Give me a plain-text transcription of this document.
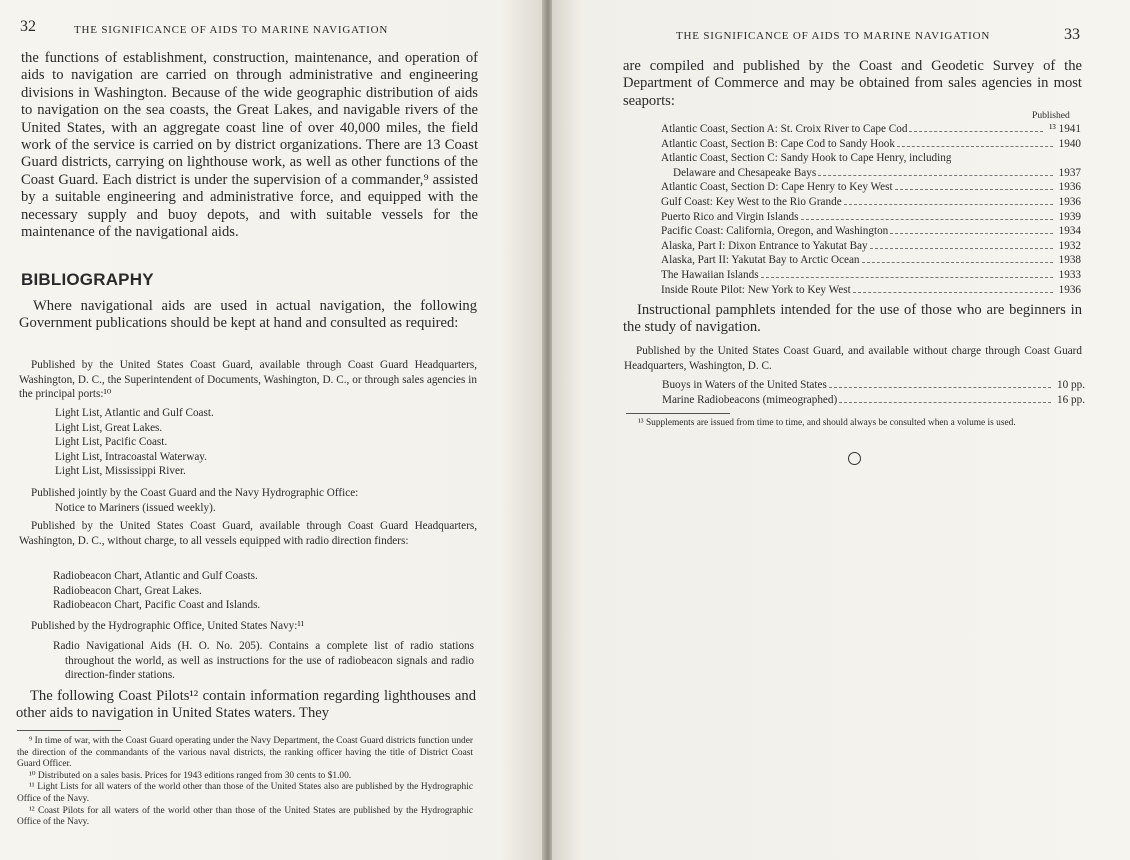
32	THE SIGNIFICANCE OF AIDS TO MARINE NAVIGATION

the functions of establishment, construction, maintenance, and operation of aids to navigation are carried on through administrative and engineering divisions in Washington. Because of the wide geographic distribution of aids to navigation on the sea coasts, the Great Lakes, and navigable rivers of the United States, with an aggregate coast line of over 40,000 miles, the field work of the service is carried on by district organizations. There are 13 Coast Guard districts, carrying on lighthouse work, as well as other functions of the Coast Guard. Each district is under the supervision of a commander,⁹ assisted by a suitable engineering and administrative force, and equipped with the necessary supply and buoy depots, and with suitable vessels for the maintenance of the navigational aids.

BIBLIOGRAPHY

Where navigational aids are used in actual navigation, the following Government publications should be kept at hand and consulted as required:

Published by the United States Coast Guard, available through Coast Guard Headquarters, Washington, D. C., the Superintendent of Documents, Washington, D. C., or through sales agencies in the principal ports:¹⁰

Light List, Atlantic and Gulf Coast.
Light List, Great Lakes.
Light List, Pacific Coast.
Light List, Intracoastal Waterway.
Light List, Mississippi River.

Published jointly by the Coast Guard and the Navy Hydrographic Office:

Notice to Mariners (issued weekly).

Published by the United States Coast Guard, available through Coast Guard Headquarters, Washington, D. C., without charge, to all vessels equipped with radio direction finders:

Radiobeacon Chart, Atlantic and Gulf Coasts.
Radiobeacon Chart, Great Lakes.
Radiobeacon Chart, Pacific Coast and Islands.

Published by the Hydrographic Office, United States Navy:¹¹

Radio Navigational Aids (H. O. No. 205). Contains a complete list of radio stations throughout the world, as well as instructions for the use of radiobeacon signals and radio direction-finder stations.

The following Coast Pilots¹² contain information regarding lighthouses and other aids to navigation in United States waters. They

⁹ In time of war, with the Coast Guard operating under the Navy Department, the Coast Guard districts function under the direction of the commandants of the various naval districts, the ranking officer having the title of District Coast Guard Officer.

¹⁰ Distributed on a sales basis. Prices for 1943 editions ranged from 30 cents to $1.00.

¹¹ Light Lists for all waters of the world other than those of the United States also are published by the Hydrographic Office of the Navy.

¹² Coast Pilots for all waters of the world other than those of the United States are published by the Hydrographic Office of the Navy.

THE SIGNIFICANCE OF AIDS TO MARINE NAVIGATION	33

are compiled and published by the Coast and Geodetic Survey of the Department of Commerce and may be obtained from sales agencies in most seaports:

Published
Atlantic Coast, Section A: St. Croix River to Cape Cod	¹³ 1941
Atlantic Coast, Section B: Cape Cod to Sandy Hook	1940
Atlantic Coast, Section C: Sandy Hook to Cape Henry, including
Delaware and Chesapeake Bays	1937
Atlantic Coast, Section D: Cape Henry to Key West	1936
Gulf Coast: Key West to the Rio Grande	1936
Puerto Rico and Virgin Islands	1939
Pacific Coast: California, Oregon, and Washington	1934
Alaska, Part I: Dixon Entrance to Yakutat Bay	1932
Alaska, Part II: Yakutat Bay to Arctic Ocean	1938
The Hawaiian Islands	1933
Inside Route Pilot: New York to Key West	1936

Instructional pamphlets intended for the use of those who are beginners in the study of navigation.

Published by the United States Coast Guard, and available without charge through Coast Guard Headquarters, Washington, D. C.

Buoys in Waters of the United States	10 pp.
Marine Radiobeacons (mimeographed)	16 pp.

¹³ Supplements are issued from time to time, and should always be consulted when a volume is used.
